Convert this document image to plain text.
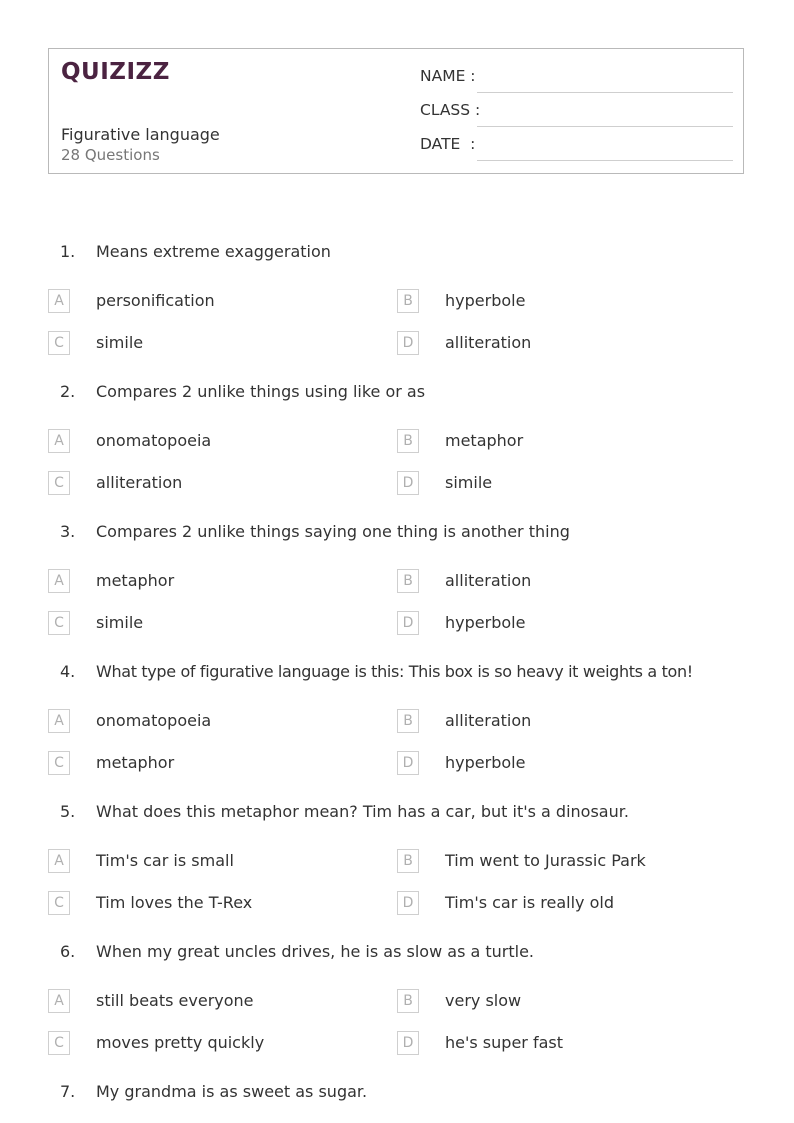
QUIZIZZ
Figurative language
28 Questions
NAME :
CLASS :
DATE  :
1. Means extreme exaggeration
A	personification	B	hyperbole
C	simile	D	alliteration
2. Compares 2 unlike things using like or as
A	onomatopoeia	B	metaphor
C	alliteration	D	simile
3. Compares 2 unlike things saying one thing is another thing
A	metaphor	B	alliteration
C	simile	D	hyperbole
4. What type of figurative language is this: This box is so heavy it weights a ton!
A	onomatopoeia	B	alliteration
C	metaphor	D	hyperbole
5. What does this metaphor mean? Tim has a car, but it's a dinosaur.
A	Tim's car is small	B	Tim went to Jurassic Park
C	Tim loves the T-Rex	D	Tim's car is really old
6. When my great uncles drives, he is as slow as a turtle.
A	still beats everyone	B	very slow
C	moves pretty quickly	D	he's super fast
7. My grandma is as sweet as sugar.
